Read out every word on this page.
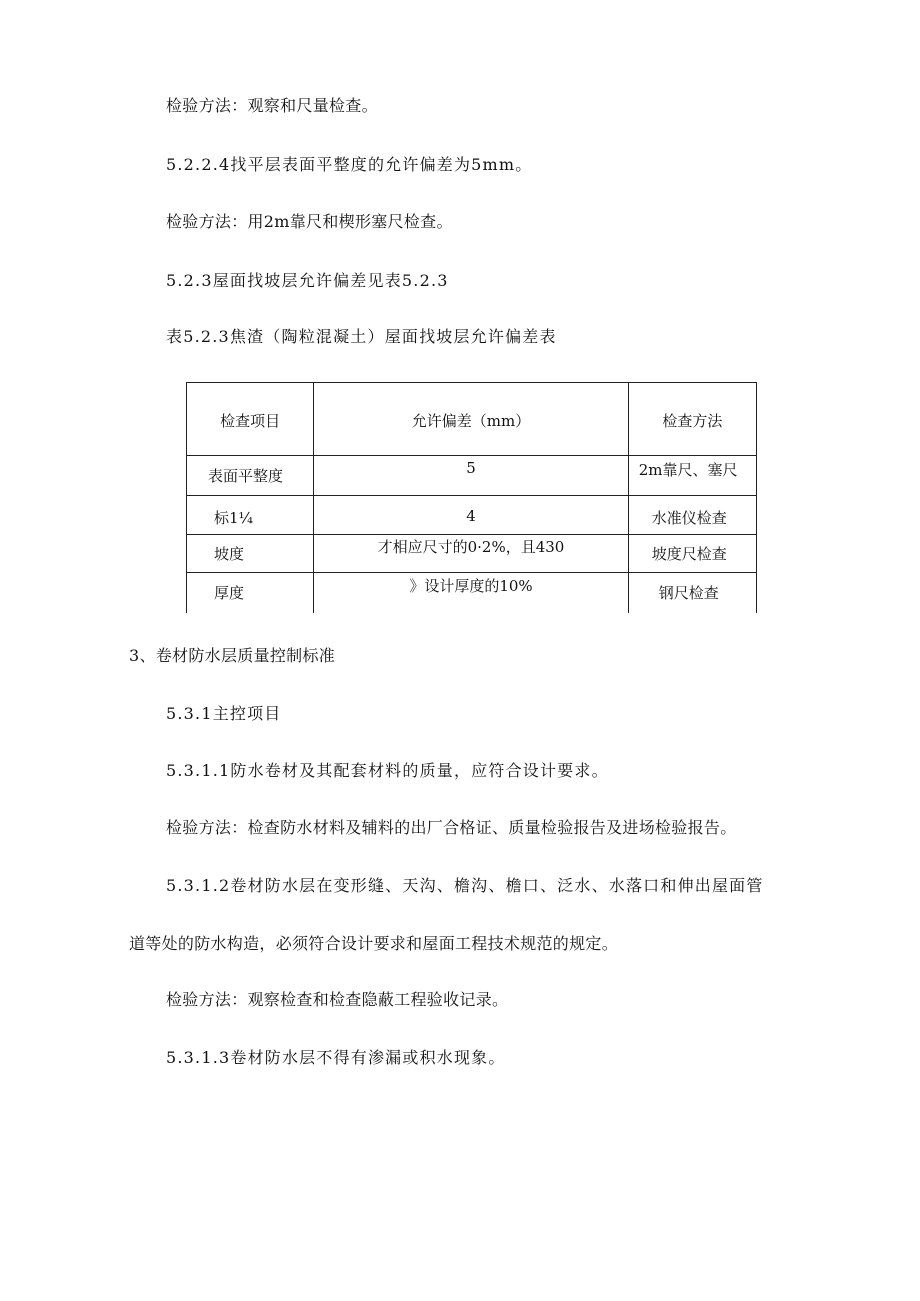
检验方法：观察和尺量检查。
5.2.2.4找平层表面平整度的允许偏差为5mm。
检验方法：用2m靠尺和楔形塞尺检查。
5.2.3屋面找坡层允许偏差见表5.2.3
表5.2.3焦渣（陶粒混凝土）屋面找坡层允许偏差表
检查项目	允许偏差（mm）	检查方法

表面平整度	5	2m靠尺、塞尺

标1¼	4	水准仪检查

坡度	才相应尺寸的0·2%，且430	坡度尺检查

厚度	》设计厚度的10%	钢尺检查
3、卷材防水层质量控制标准
5.3.1主控项目
5.3.1.1防水卷材及其配套材料的质量，应符合设计要求。
检验方法：检查防水材料及辅料的出厂合格证、质量检验报告及进场检验报告。
5.3.1.2卷材防水层在变形缝、天沟、檐沟、檐口、泛水、水落口和伸出屋面管
道等处的防水构造，必须符合设计要求和屋面工程技术规范的规定。
检验方法：观察检查和检查隐蔽工程验收记录。
5.3.1.3卷材防水层不得有渗漏或积水现象。
